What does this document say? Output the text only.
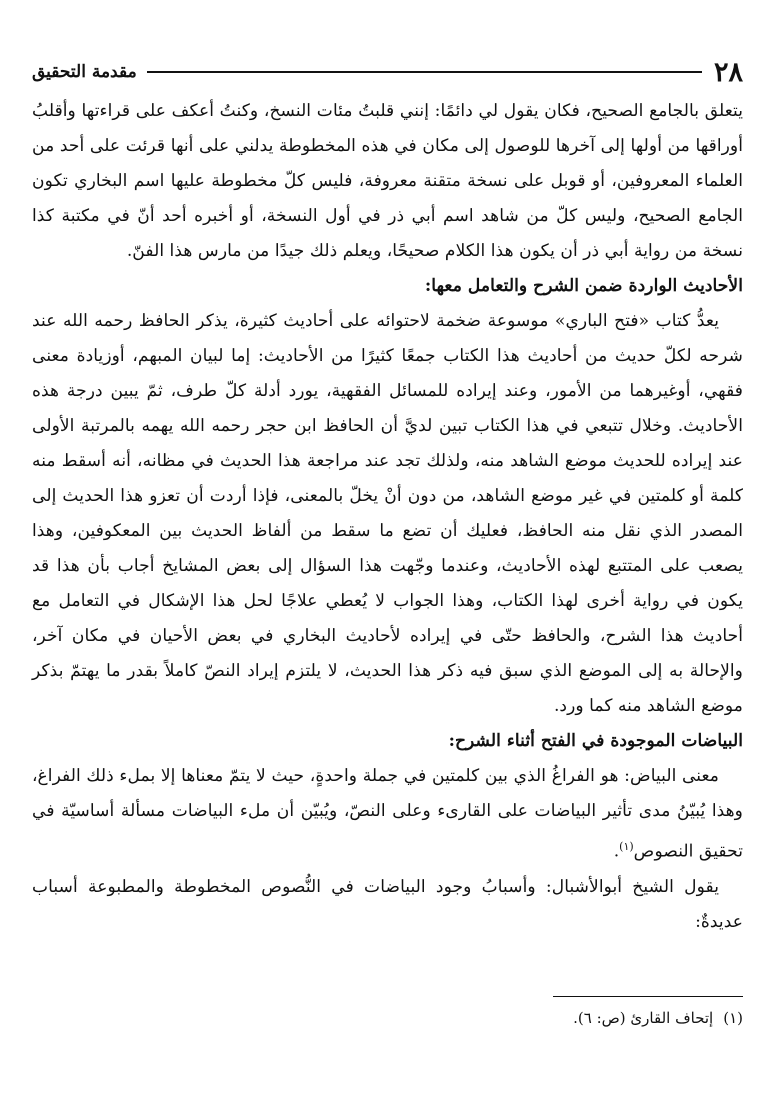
٢٨
مقدمة التحقيق

يتعلق بالجامع الصحيح، فكان يقول لي دائمًا: إنني قلبتُ مئات النسخ، وكنتُ أعكف على قراءتها وأقلبُ أوراقها من أولها إلى آخرها للوصول إلى مكان في هذه المخطوطة يدلني على أنها قرئت على أحد من العلماء المعروفين، أو قوبل على نسخة متقنة معروفة، فليس كلّ مخطوطة عليها اسم البخاري تكون الجامع الصحيح، وليس كلّ من شاهد اسم أبي ذر في أول النسخة، أو أخبره أحد أنّ في مكتبة كذا نسخة من رواية أبي ذر أن يكون هذا الكلام صحيحًا، ويعلم ذلك جيدًا من مارس هذا الفنّ.

الأحاديث الواردة ضمن الشرح والتعامل معها:

يعدُّ كتاب «فتح الباري» موسوعة ضخمة لاحتوائه على أحاديث كثيرة، يذكر الحافظ رحمه الله عند شرحه لكلّ حديث من أحاديث هذا الكتاب جمعًا كثيرًا من الأحاديث: إما لبيان المبهم، أوزيادة معنى فقهي، أوغيرهما من الأمور، وعند إيراده للمسائل الفقهية، يورد أدلة كلّ طرف، ثمّ يبين درجة هذه الأحاديث. وخلال تتبعي في هذا الكتاب تبين لديَّ أن الحافظ ابن حجر رحمه الله يهمه بالمرتبة الأولى عند إيراده للحديث موضع الشاهد منه، ولذلك تجد عند مراجعة هذا الحديث في مظانه، أنه أسقط منه كلمة أو كلمتين في غير موضع الشاهد، من دون أنْ يخلّ بالمعنى، فإذا أردت أن تعزو هذا الحديث إلى المصدر الذي نقل منه الحافظ، فعليك أن تضع ما سقط من ألفاظ الحديث بين المعكوفين، وهذا يصعب على المتتبع لهذه الأحاديث، وعندما وجّهت هذا السؤال إلى بعض المشايخ أجاب بأن هذا قد يكون في رواية أخرى لهذا الكتاب، وهذا الجواب لا يُعطي علاجًا لحل هذا الإشكال في التعامل مع أحاديث هذا الشرح، والحافظ حتّى في إيراده لأحاديث البخاري في بعض الأحيان في مكان آخر، والإحالة به إلى الموضع الذي سبق فيه ذكر هذا الحديث، لا يلتزم إيراد النصّ كاملاً بقدر ما يهتمّ بذكر موضع الشاهد منه كما ورد.

البياضات الموجودة في الفتح أثناء الشرح:

معنى البياض: هو الفراغُ الذي بين كلمتين في جملة واحدةٍ، حيث لا يتمّ معناها إلا بملء ذلك الفراغ، وهذا يُبيّنُ مدى تأثير البياضات على القارىء وعلى النصّ، ويُبيّن أن ملء البياضات مسألة أساسيّة في تحقيق النصوص$^{(١)}$.

يقول الشيخ أبوالأشبال: وأسبابُ وجود البياضات في النُّصوص المخطوطة والمطبوعة أسباب عديدةٌ:

(١)إتحاف القارئ (ص: ٦).
